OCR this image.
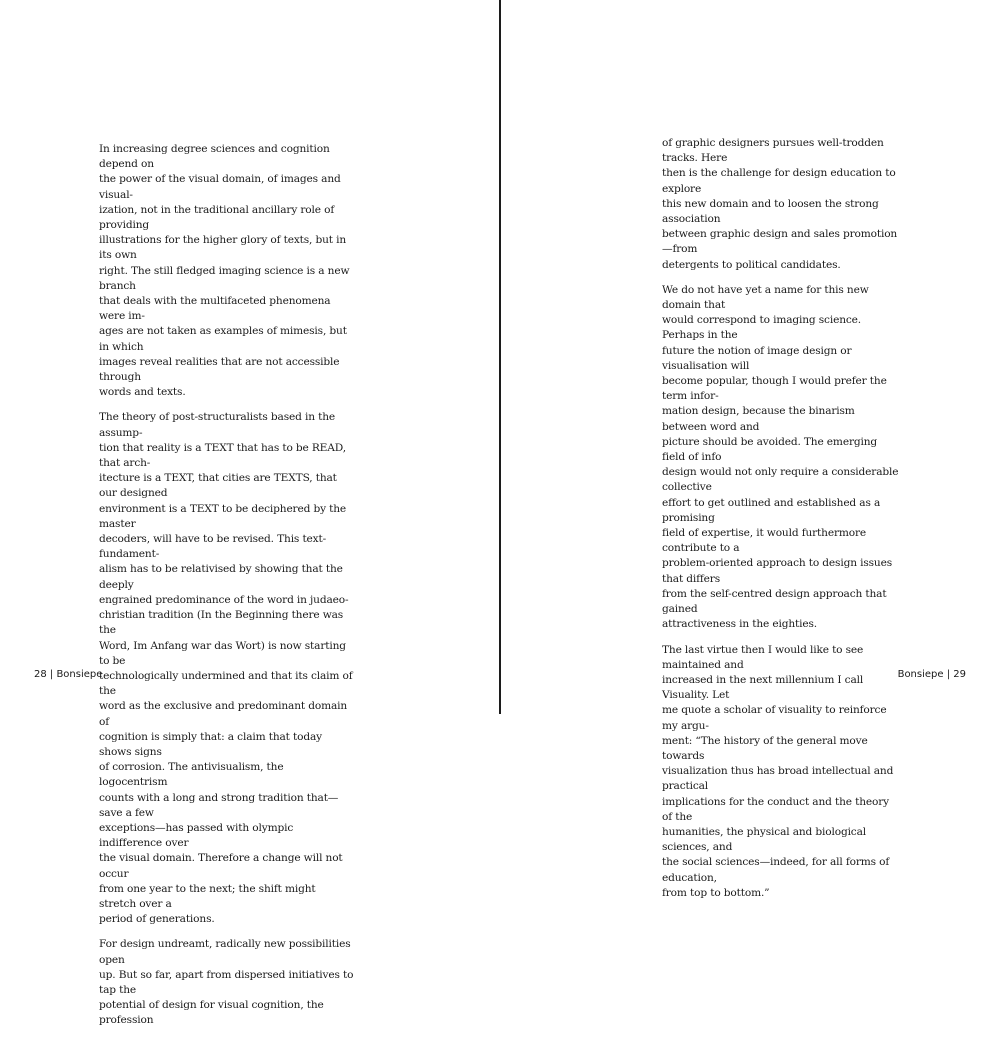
In increasing degree sciences and cognition depend on
the power of the visual domain, of images and visual-
ization, not in the traditional ancillary role of providing
illustrations for the higher glory of texts, but in its own
right. The still fledged imaging science is a new branch
that deals with the multifaceted phenomena were im-
ages are not taken as examples of mimesis, but in which
images reveal realities that are not accessible through
words and texts.

The theory of post-structuralists based in the assump-
tion that reality is a TEXT that has to be READ, that arch-
itecture is a TEXT, that cities are TEXTS, that our designed
environment is a TEXT to be deciphered by the master
decoders, will have to be revised. This text-fundament-
alism has to be relativised by showing that the deeply
engrained predominance of the word in judaeo-
christian tradition (In the Beginning there was the
Word, Im Anfang war das Wort) is now starting to be
technologically undermined and that its claim of the
word as the exclusive and predominant domain of
cognition is simply that: a claim that today shows signs
of corrosion. The antivisualism, the logocentrism
counts with a long and strong tradition that—save a few
exceptions—has passed with olympic indifference over
the visual domain. Therefore a change will not occur
from one year to the next; the shift might stretch over a
period of generations.

For design undreamt, radically new possibilities open
up. But so far, apart from dispersed initiatives to tap the
potential of design for visual cognition, the profession

of graphic designers pursues well-trodden tracks. Here
then is the challenge for design education to explore
this new domain and to loosen the strong association
between graphic design and sales promotion—from
detergents to political candidates.

We do not have yet a name for this new domain that
would correspond to imaging science. Perhaps in the
future the notion of image design or visualisation will
become popular, though I would prefer the term infor-
mation design, because the binarism between word and
picture should be avoided. The emerging field of info
design would not only require a considerable collective
effort to get outlined and established as a promising
field of expertise, it would furthermore contribute to a
problem-oriented approach to design issues that differs
from the self-centred design approach that gained
attractiveness in the eighties.

The last virtue then I would like to see maintained and
increased in the next millennium I call Visuality. Let
me quote a scholar of visuality to reinforce my argu-
ment: “The history of the general move towards
visualization thus has broad intellectual and practical
implications for the conduct and the theory of the
humanities, the physical and biological sciences, and
the social sciences—indeed, for all forms of education,
from top to bottom.”

28 | Bonsiepe	Bonsiepe | 29
